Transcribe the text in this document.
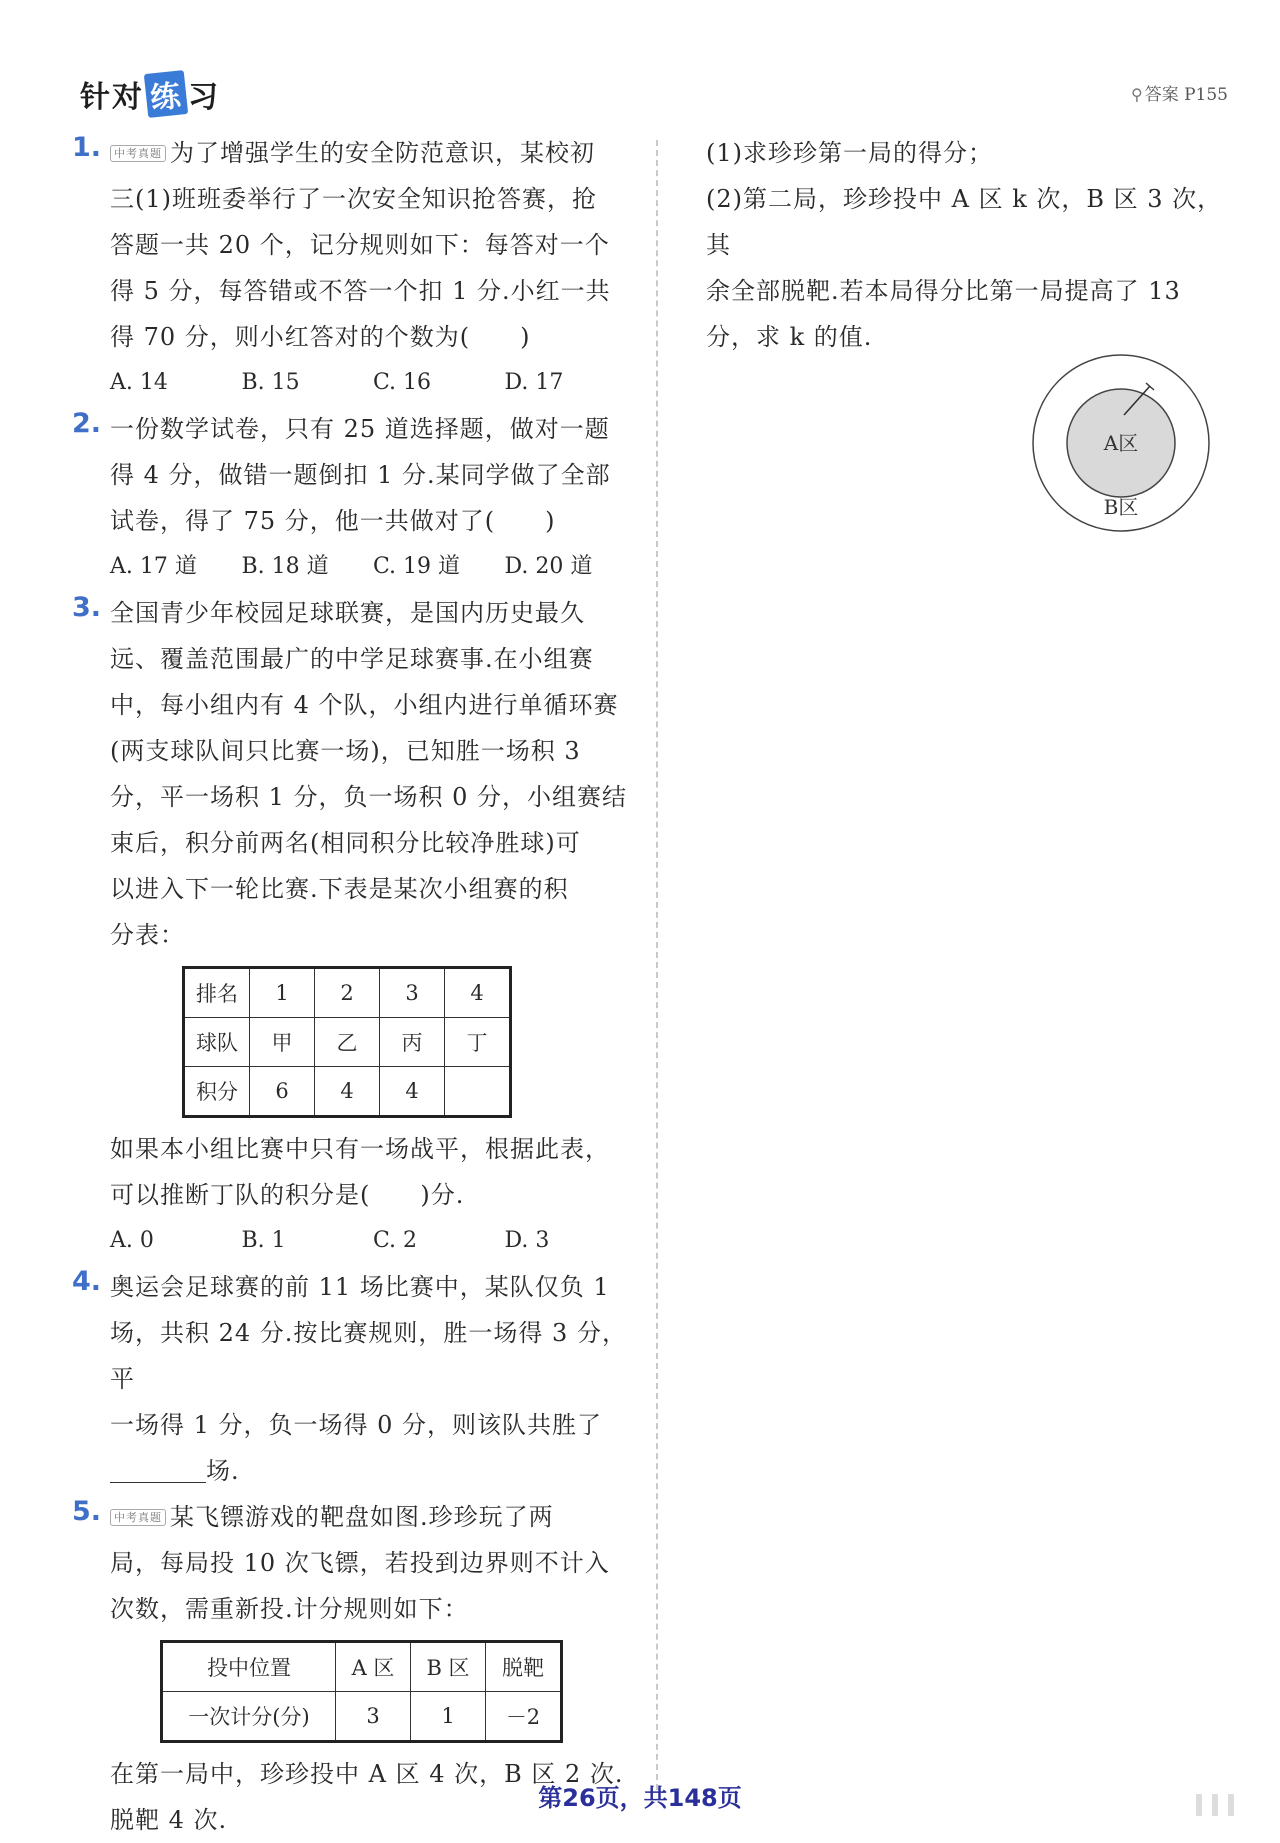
针对 练 习	⚲ 答案 P155
1.	中考真题 为了增强学生的安全防范意识，某校初

三(1)班班委举行了一次安全知识抢答赛，抢

答题一共 20 个，记分规则如下：每答对一个

得 5 分，每答错或不答一个扣 1 分.小红一共

得 70 分，则小红答对的个数为(　　)

A. 14	B. 15	C. 16	D. 17
2. 一份数学试卷，只有 25 道选择题，做对一题

得 4 分，做错一题倒扣 1 分.某同学做了全部

试卷，得了 75 分，他一共做对了(　　)

A. 17 道	B. 18 道	C. 19 道	D. 20 道
3. 全国青少年校园足球联赛，是国内历史最久

远、覆盖范围最广的中学足球赛事.在小组赛

中，每小组内有 4 个队，小组内进行单循环赛

(两支球队间只比赛一场)，已知胜一场积 3

分，平一场积 1 分，负一场积 0 分，小组赛结

束后，积分前两名(相同积分比较净胜球)可

以进入下一轮比赛.下表是某次小组赛的积

分表：

排名	1	2	3	4
球队	甲	乙	丙	丁
积分	6	4	4	

如果本小组比赛中只有一场战平，根据此表，

可以推断丁队的积分是(　　)分.

A. 0	B. 1	C. 2	D. 3
4. 奥运会足球赛的前 11 场比赛中，某队仅负 1

场，共积 24 分.按比赛规则，胜一场得 3 分，平

一场得 1 分，负一场得 0 分，则该队共胜了

场.

5.	中考真题 某飞镖游戏的靶盘如图.珍珍玩了两

局，每局投 10 次飞镖，若投到边界则不计入

次数，需重新投.计分规则如下：

投中位置	A 区	B 区	脱靶
一次计分(分)	3	1	－2

在第一局中，珍珍投中 A 区 4 次，B 区 2 次.

脱靶 4 次.

(1)求珍珍第一局的得分；

(2)第二局，珍珍投中 A 区 k 次，B 区 3 次，其

余全部脱靶.若本局得分比第一局提高了 13

分，求 k 的值.

A区
B区
第26页，共148页
